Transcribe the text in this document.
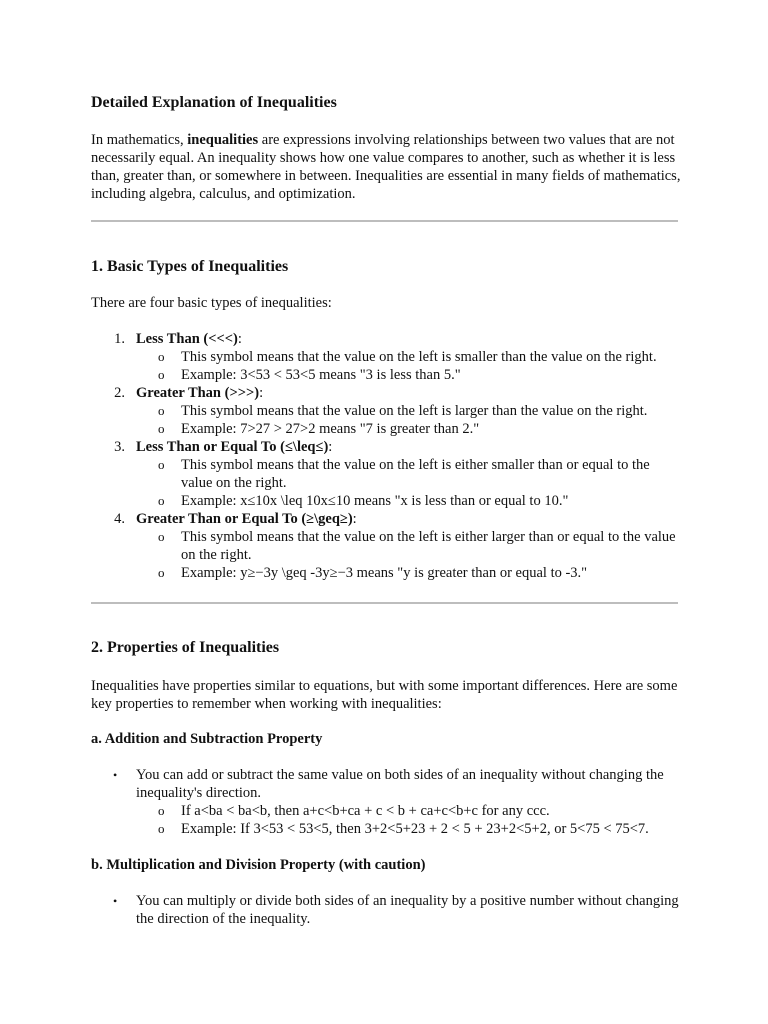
Detailed Explanation of Inequalities

In mathematics, inequalities are expressions involving relationships between two values that are not necessarily equal. An inequality shows how one value compares to another, such as whether it is less than, greater than, or somewhere in between. Inequalities are essential in many fields of mathematics, including algebra, calculus, and optimization.

1. Basic Types of Inequalities

There are four basic types of inequalities:

1. Less Than (<<<):
o This symbol means that the value on the left is smaller than the value on the right.
o Example: 3<53 < 53<5 means "3 is less than 5."
2. Greater Than (>>>):
o This symbol means that the value on the left is larger than the value on the right.
o Example: 7>27 > 27>2 means "7 is greater than 2."
3. Less Than or Equal To (≤\leq≤):
o This symbol means that the value on the left is either smaller than or equal to the value on the right.
o Example: x≤10x \leq 10x≤10 means "x is less than or equal to 10."
4. Greater Than or Equal To (≥\geq≥):
o This symbol means that the value on the left is either larger than or equal to the value on the right.
o Example: y≥−3y \geq -3y≥−3 means "y is greater than or equal to -3."
2. Properties of Inequalities

Inequalities have properties similar to equations, but with some important differences. Here are some key properties to remember when working with inequalities:

a. Addition and Subtraction Property
• You can add or subtract the same value on both sides of an inequality without changing the inequality's direction.
o If a<ba < ba<b, then a+c<b+ca + c < b + ca+c<b+c for any ccc.
o Example: If 3<53 < 53<5, then 3+2<5+23 + 2 < 5 + 23+2<5+2, or 5<75 < 75<7.
b. Multiplication and Division Property (with caution)
• You can multiply or divide both sides of an inequality by a positive number without changing the direction of the inequality.
